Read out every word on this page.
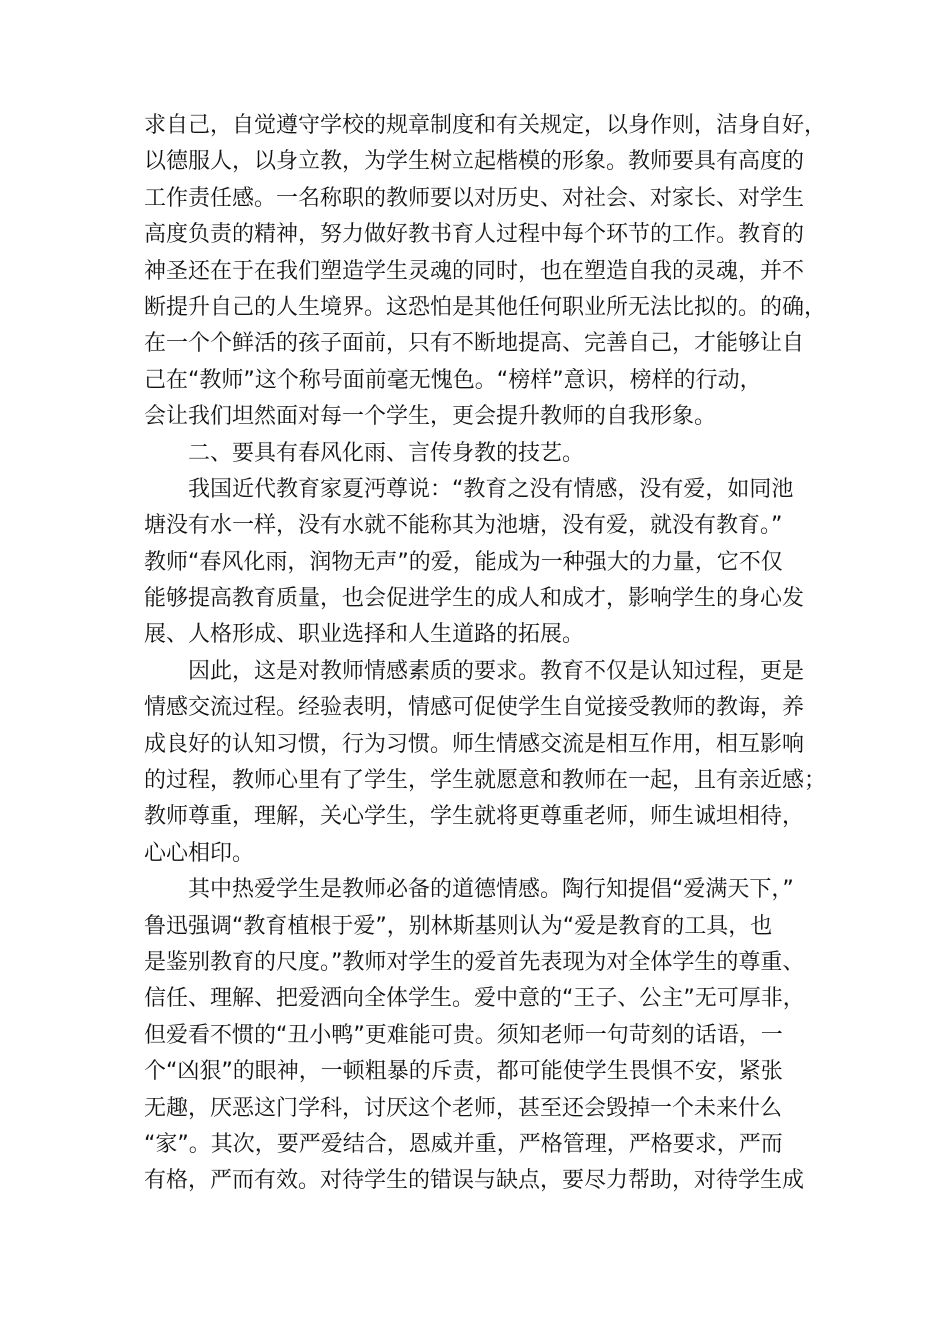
求自己，自觉遵守学校的规章制度和有关规定，以身作则，洁身自好，
以德服人，以身立教，为学生树立起楷模的形象。教师要具有高度的
工作责任感。一名称职的教师要以对历史、对社会、对家长、对学生
高度负责的精神，努力做好教书育人过程中每个环节的工作。教育的
神圣还在于在我们塑造学生灵魂的同时，也在塑造自我的灵魂，并不
断提升自己的人生境界。这恐怕是其他任何职业所无法比拟的。的确，
在一个个鲜活的孩子面前，只有不断地提高、完善自己，才能够让自
己在“教师”这个称号面前毫无愧色。“榜样”意识，榜样的行动，
会让我们坦然面对每一个学生，更会提升教师的自我形象。
二、要具有春风化雨、言传身教的技艺。
我国近代教育家夏沔尊说：“教育之没有情感，没有爱，如同池
塘没有水一样，没有水就不能称其为池塘，没有爱，就没有教育。”
教师“春风化雨，润物无声”的爱，能成为一种强大的力量，它不仅
能够提高教育质量，也会促进学生的成人和成才，影响学生的身心发
展、人格形成、职业选择和人生道路的拓展。
因此，这是对教师情感素质的要求。教育不仅是认知过程，更是
情感交流过程。经验表明，情感可促使学生自觉接受教师的教诲，养
成良好的认知习惯，行为习惯。师生情感交流是相互作用，相互影响
的过程，教师心里有了学生，学生就愿意和教师在一起，且有亲近感；
教师尊重，理解，关心学生，学生就将更尊重老师，师生诚坦相待，
心心相印。
其中热爱学生是教师必备的道德情感。陶行知提倡“爱满天下，”
鲁迅强调“教育植根于爱”，别林斯基则认为“爱是教育的工具，也
是鉴别教育的尺度。”教师对学生的爱首先表现为对全体学生的尊重、
信任、理解、把爱洒向全体学生。爱中意的“王子、公主”无可厚非，
但爱看不惯的“丑小鸭”更难能可贵。须知老师一句苛刻的话语，一
个“凶狠”的眼神，一顿粗暴的斥责，都可能使学生畏惧不安，紧张
无趣，厌恶这门学科，讨厌这个老师，甚至还会毁掉一个未来什么
“家”。其次，要严爱结合，恩威并重，严格管理，严格要求，严而
有格，严而有效。对待学生的错误与缺点，要尽力帮助，对待学生成
